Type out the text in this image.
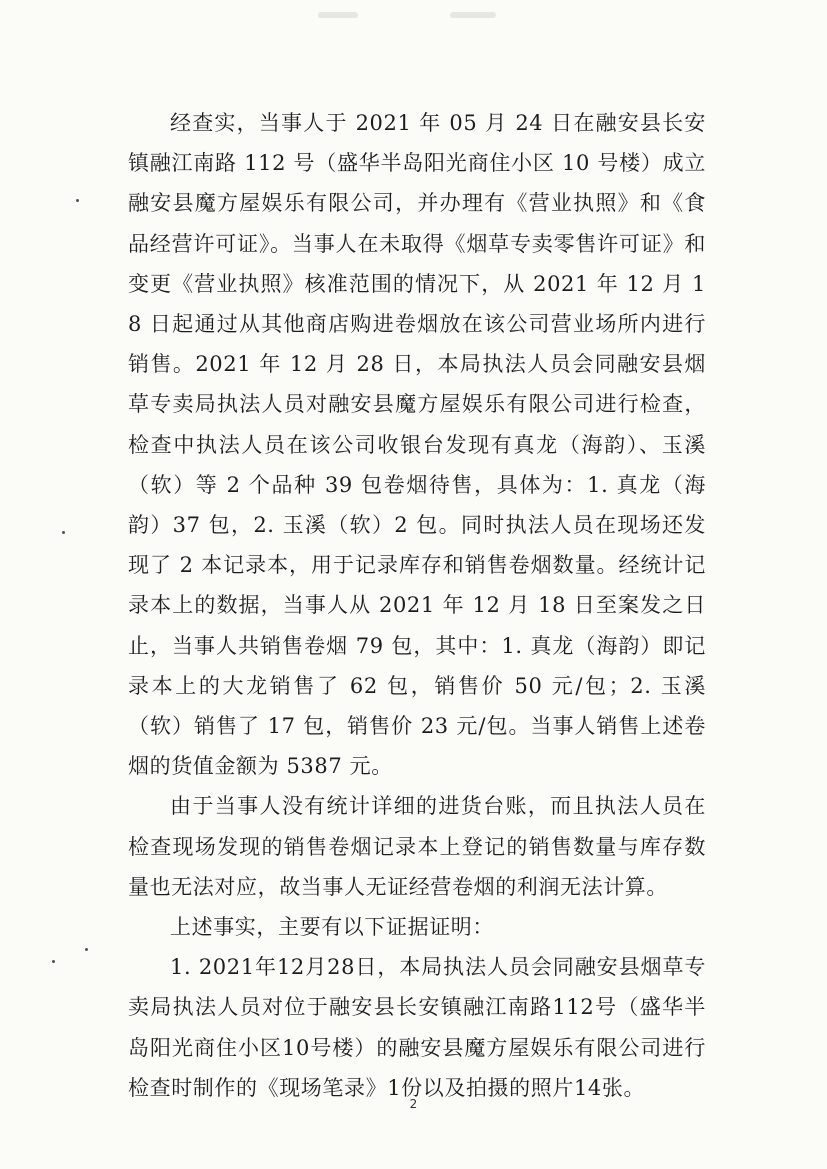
经查实，当事人于 2021 年 05 月 24 日在融安县长安镇融江南路 112 号（盛华半岛阳光商住小区 10 号楼）成立融安县魔方屋娱乐有限公司，并办理有《营业执照》和《食品经营许可证》。当事人在未取得《烟草专卖零售许可证》和变更《营业执照》核准范围的情况下，从 2021 年 12 月 18 日起通过从其他商店购进卷烟放在该公司营业场所内进行销售。2021 年 12 月 28 日，本局执法人员会同融安县烟草专卖局执法人员对融安县魔方屋娱乐有限公司进行检查，检查中执法人员在该公司收银台发现有真龙（海韵）、玉溪（软）等 2 个品种 39 包卷烟待售，具体为：1. 真龙（海韵）37 包，2. 玉溪（软）2 包。同时执法人员在现场还发现了 2 本记录本，用于记录库存和销售卷烟数量。经统计记录本上的数据，当事人从 2021 年 12 月 18 日至案发之日止，当事人共销售卷烟 79 包，其中：1. 真龙（海韵）即记录本上的大龙销售了 62 包，销售价 50 元/包；2. 玉溪（软）销售了 17 包，销售价 23 元/包。当事人销售上述卷烟的货值金额为 5387 元。

由于当事人没有统计详细的进货台账，而且执法人员在检查现场发现的销售卷烟记录本上登记的销售数量与库存数量也无法对应，故当事人无证经营卷烟的利润无法计算。

上述事实，主要有以下证据证明：

1. 2021年12月28日，本局执法人员会同融安县烟草专卖局执法人员对位于融安县长安镇融江南路112号（盛华半岛阳光商住小区10号楼）的融安县魔方屋娱乐有限公司进行检查时制作的《现场笔录》1份以及拍摄的照片14张。

2
